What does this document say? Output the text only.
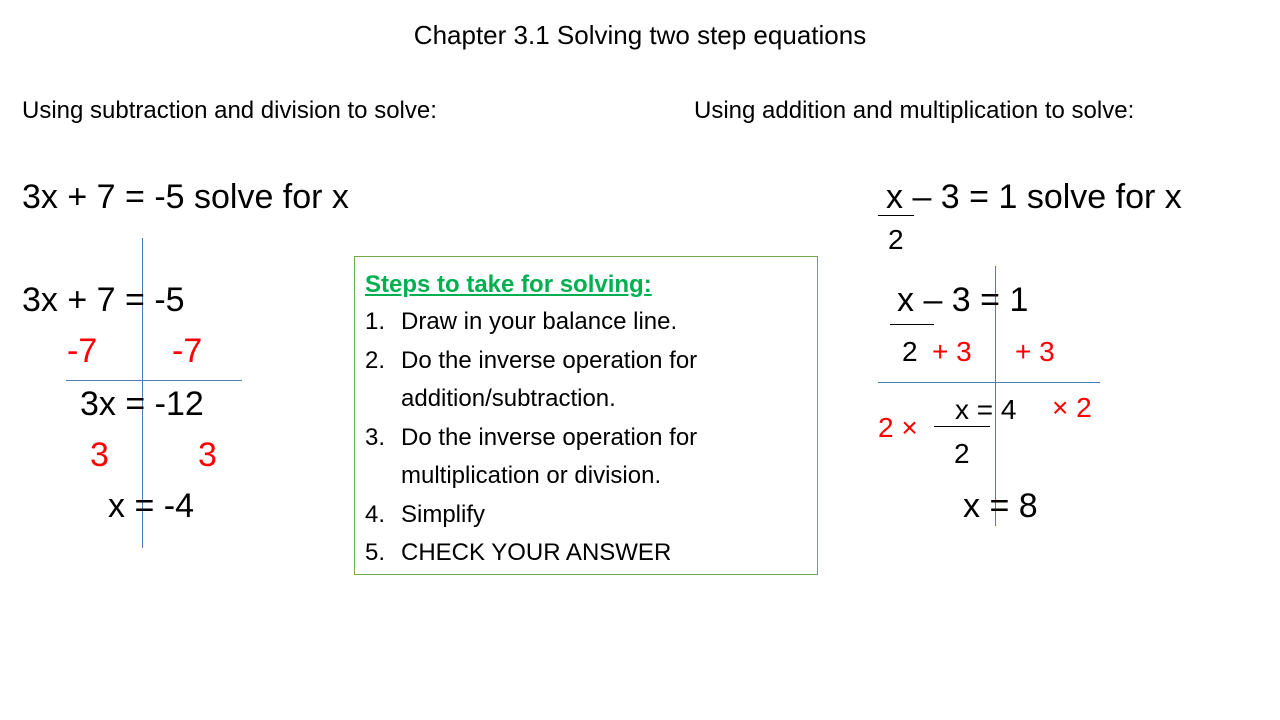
Chapter 3.1 Solving two step equations
Using subtraction and division to solve:
3x + 7 = -5 solve for x
3x + 7 = -5
-7 -7
3x = -12
3	3
x = -4
Steps to take for solving:
1. Draw in your balance line.
2. Do the inverse operation for addition/subtraction.
3. Do the inverse operation for multiplication or division.
4. Simplify
5. CHECK YOUR ANSWER
Using addition and multiplication to solve:
x – 3 = 1 solve for x
2
x – 3 = 1
2 + 3 + 3
2 ×
x = 4 × 2
2
x = 8
